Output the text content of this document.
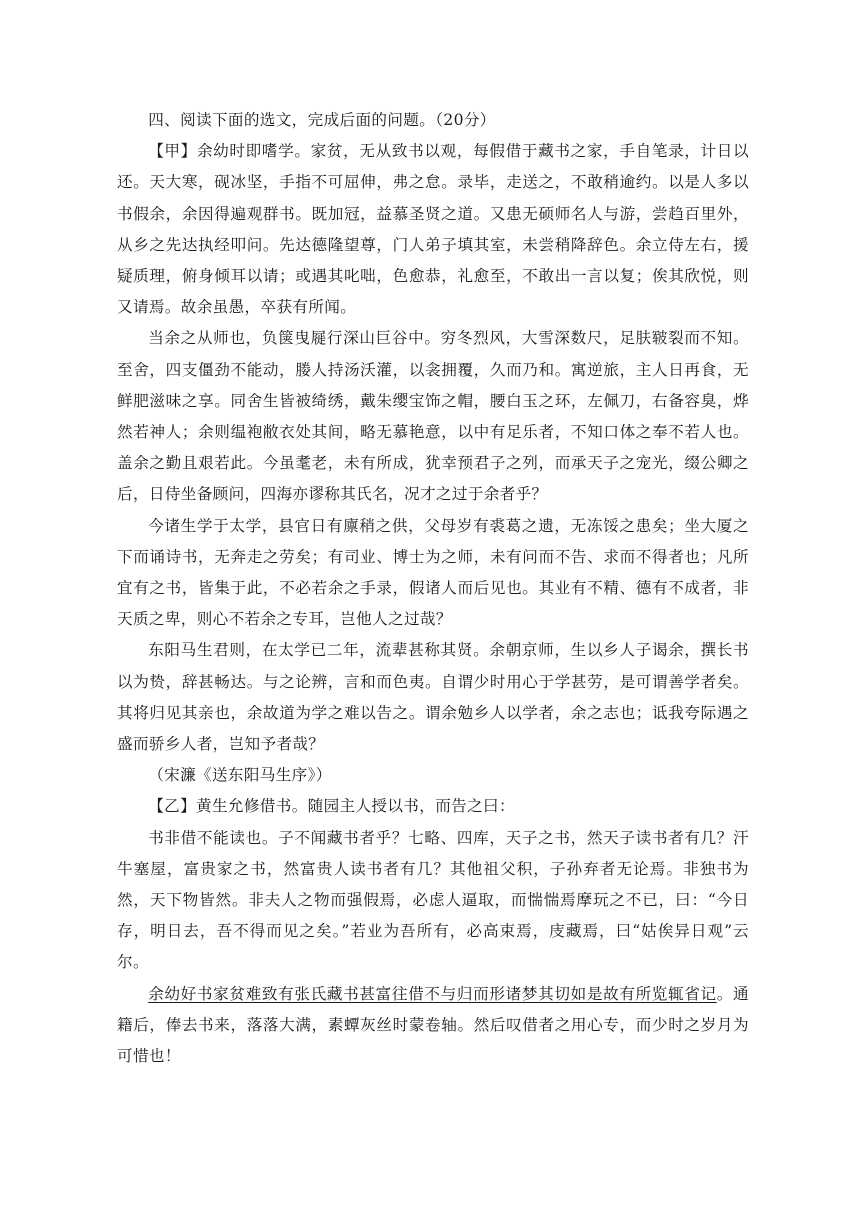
四、阅读下面的选文，完成后面的问题。（20分）

【甲】余幼时即嗜学。家贫，无从致书以观，每假借于藏书之家，手自笔录，计日以还。天大寒，砚冰坚，手指不可屈伸，弗之怠。录毕，走送之，不敢稍逾约。以是人多以书假余，余因得遍观群书。既加冠，益慕圣贤之道。又患无硕师名人与游，尝趋百里外，从乡之先达执经叩问。先达德隆望尊，门人弟子填其室，未尝稍降辞色。余立侍左右，援疑质理，俯身倾耳以请；或遇其叱咄，色愈恭，礼愈至，不敢出一言以复；俟其欣悦，则又请焉。故余虽愚，卒获有所闻。

当余之从师也，负箧曳屣行深山巨谷中。穷冬烈风，大雪深数尺，足肤皲裂而不知。至舍，四支僵劲不能动，媵人持汤沃灌，以衾拥覆，久而乃和。寓逆旅，主人日再食，无鲜肥滋味之享。同舍生皆被绮绣，戴朱缨宝饰之帽，腰白玉之环，左佩刀，右备容臭，烨然若神人；余则缊袍敝衣处其间，略无慕艳意，以中有足乐者，不知口体之奉不若人也。盖余之勤且艰若此。今虽耄老，未有所成，犹幸预君子之列，而承天子之宠光，缀公卿之后，日侍坐备顾问，四海亦谬称其氏名，况才之过于余者乎？

今诸生学于太学，县官日有廪稍之供，父母岁有裘葛之遗，无冻馁之患矣；坐大厦之下而诵诗书，无奔走之劳矣；有司业、博士为之师，未有问而不告、求而不得者也；凡所宜有之书，皆集于此，不必若余之手录，假诸人而后见也。其业有不精、德有不成者，非天质之卑，则心不若余之专耳，岂他人之过哉？

东阳马生君则，在太学已二年，流辈甚称其贤。余朝京师，生以乡人子谒余，撰长书以为贽，辞甚畅达。与之论辨，言和而色夷。自谓少时用心于学甚劳，是可谓善学者矣。其将归见其亲也，余故道为学之难以告之。谓余勉乡人以学者，余之志也；诋我夸际遇之盛而骄乡人者，岂知予者哉？

（宋濂《送东阳马生序》）

【乙】黄生允修借书。随园主人授以书，而告之曰：

书非借不能读也。子不闻藏书者乎？七略、四库，天子之书，然天子读书者有几？汗牛塞屋，富贵家之书，然富贵人读书者有几？其他祖父积，子孙弃者无论焉。非独书为然，天下物皆然。非夫人之物而强假焉，必虑人逼取，而惴惴焉摩玩之不已，曰：“今日存，明日去，吾不得而见之矣。”若业为吾所有，必高束焉，庋藏焉，曰“姑俟异日观”云尔。

余幼好书家贫难致有张氏藏书甚富往借不与归而形诸梦其切如是故有所览辄省记。通籍后，俸去书来，落落大满，素蟫灰丝时蒙卷轴。然后叹借者之用心专，而少时之岁月为可惜也！
